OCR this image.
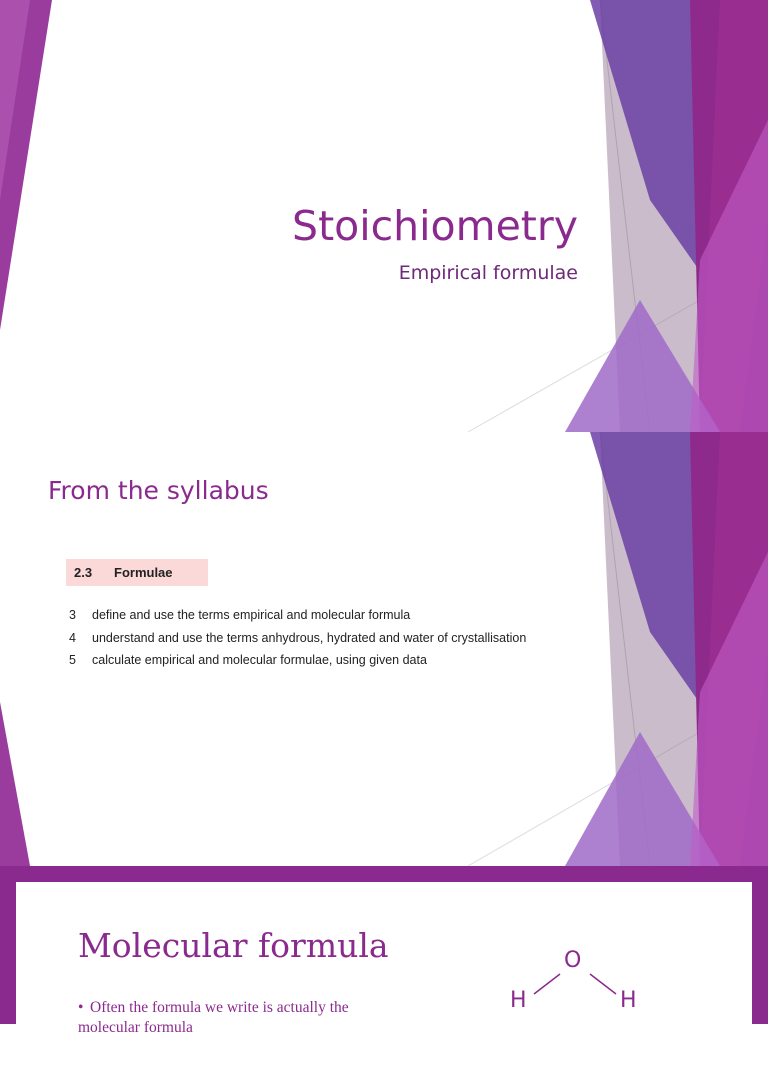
Stoichiometry

Empirical formulae

From the syllabus
2.3	Formulae
3	define and use the terms empirical and molecular formula
4	understand and use the terms anhydrous, hydrated and water of crystallisation
5	calculate empirical and molecular formulae, using given data
Molecular formula

• Often the formula we write is actually the molecular formula

O
H	H
